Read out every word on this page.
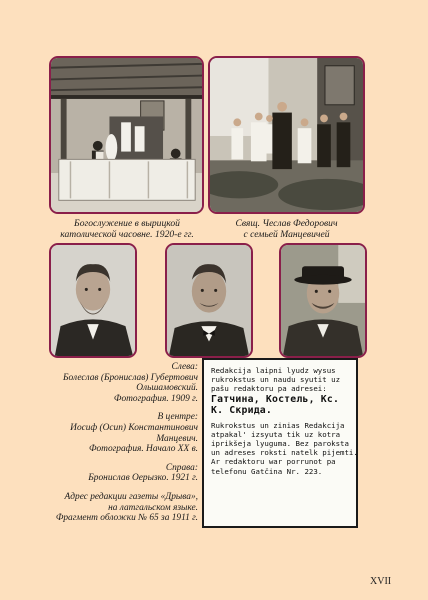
Богослужение в вырицкой
католической часовне. 1920-е гг.
Свящ. Чеслав Федорович
с семьей Манцевичей
Слева:
Болеслав (Бронислав) Губертович
Ольшамовский.
Фотография. 1909 г.
В центре:
Иосиф (Осип) Константинович
Манцевич.
Фотография. Начало XX в.
Справа:
Бронислав Оерызко. 1921 г.
Адрес редакции газеты «Дрыва»,
на латгальском языке.
Фрагмент обложки № 65 за 1911 г.
Redakcija laipni lyudz wysus
rukrokstus un naudu syutit uz
pašu redaktoru pa adresei:
Гатчина, Костель, Кс.
К. Скрида.
Rukrokstus un zinias Redakcija
atpakal' izsyuta tik uz kotra
iprikšeja lyuguma. Bez paroksta
un adreses roksti natelk pijemti.
Ar redaktoru war porrunot pa
telefonu Gatčina Nr. 223.
XVII
